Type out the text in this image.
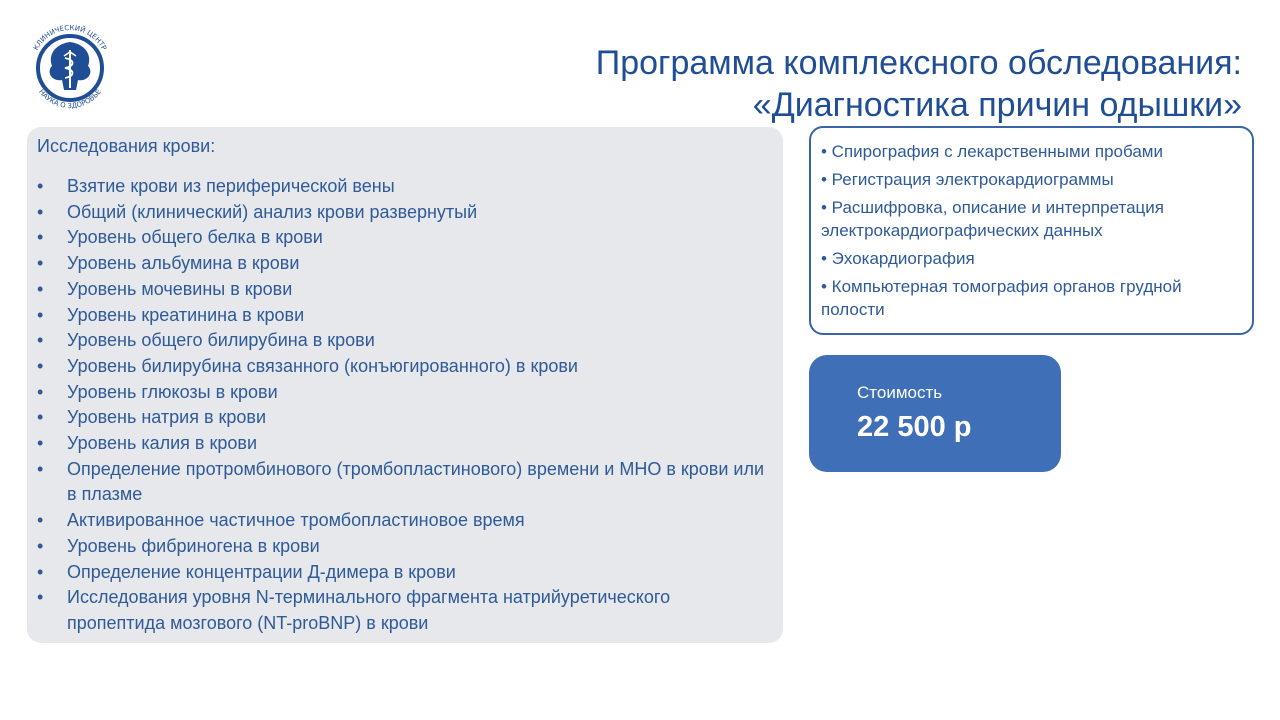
КЛИНИЧЕСКИЙ ЦЕНТР
НАУКА О ЗДОРОВЬЕ
Программа комплексного обследования:
«Диагностика причин одышки»
Исследования крови:
•	Взятие крови из периферической вены
•	Общий (клинический) анализ крови развернутый
•	Уровень общего белка в крови
•	Уровень альбумина в крови
•	Уровень мочевины в крови
•	Уровень креатинина в крови
•	Уровень общего билирубина в крови
•	Уровень билирубина связанного (конъюгированного) в крови
•	Уровень глюкозы в крови
•	Уровень натрия в крови
•	Уровень калия в крови
•	Определение протромбинового (тромбопластинового) времени и МНО в крови или в плазме
•	Активированное частичное тромбопластиновое время
•	Уровень фибриногена в крови
•	Определение концентрации Д-димера в крови
•	Исследования уровня N-терминального фрагмента натрийуретического пропептида мозгового (NT-proBNP) в крови
• Спирография с лекарственными пробами
• Регистрация электрокардиограммы
• Расшифровка, описание и интерпретация электрокардиографических данных
• Эхокардиография
• Компьютерная томография органов грудной полости
Стоимость
22 500 р
